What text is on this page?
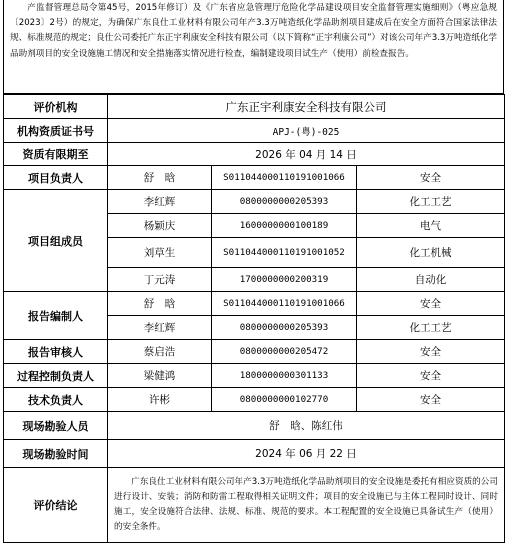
产监督管理总局令第45号，2015年修订）及《广东省应急管理厅危险化学品建设项目安全监督管理实施细则》（粤应急规〔2023〕2号）的规定，为确保广东良仕工业材料有限公司年产3.3万吨造纸化学品助剂项目建成后在安全方面符合国家法律法规、标准规范的规定；良仕公司委托广东正宇利康安全科技有限公司（以下简称“正宇利康公司”）对该公司年产3.3万吨造纸化学品助剂项目的安全设施施工情况和安全措施落实情况进行检查，编制建设项目试生产（使用）前检查报告。

评价机构	广东正宇利康安全科技有限公司		
机构资质证书号	APJ-(粤)-025		
资质有限期至	2026 年 04 月 14 日		
项目负责人	舒　晗	S011044000110191001066	安全
项目组成员	李红辉	0800000000205393	化工工艺
	杨颖庆	1600000000100189	电气
	刘草生	S011044000110191001052	化工机械
	丁元涛	1700000000200319	自动化
报告编制人	舒　晗	S011044000110191001066	安全
	李红辉	0800000000205393	化工工艺
报告审核人	蔡启浩	0800000000205472	安全
过程控制负责人	梁健鸿	1800000000301133	安全
技术负责人	许彬	0800000000102770	安全
现场勘验人员	舒　晗、陈红伟		
现场勘验时间	2024 年 06 月 22 日		
评价结论	广东良仕工业材料有限公司年产3.3万吨造纸化学品助剂项目的安全设施是委托有相应资质的公司进行设计、安装；消防和防雷工程取得相关证明文件；项目的安全设施已与主体工程同时设计、同时施工，安全设施符合法律、法规、标准、规范的要求。本工程配置的安全设施已具备试生产（使用）的安全条件。		
